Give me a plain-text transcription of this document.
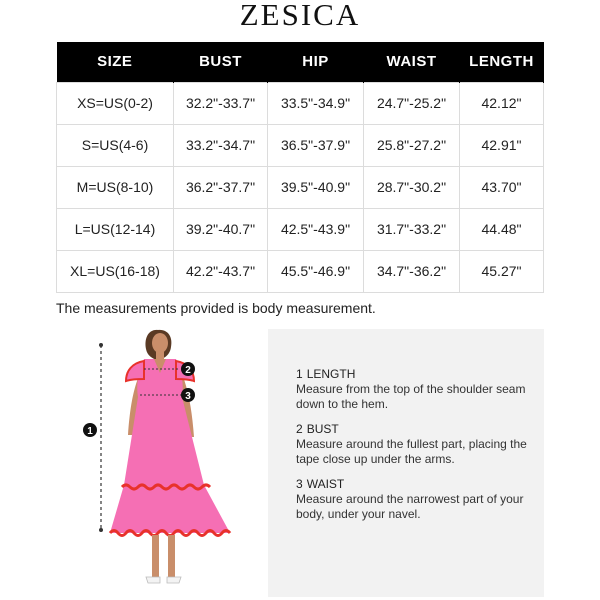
ZESICA
SIZE	BUST	HIP	WAIST	LENGTH
XS=US(0-2)	32.2"-33.7"	33.5"-34.9"	24.7"-25.2"	42.12"
S=US(4-6)	33.2"-34.7"	36.5"-37.9"	25.8"-27.2"	42.91"
M=US(8-10)	36.2"-37.7"	39.5"-40.9"	28.7"-30.2"	43.70"
L=US(12-14)	39.2"-40.7"	42.5"-43.9"	31.7"-33.2"	44.48"
XL=US(16-18)	42.2"-43.7"	45.5"-46.9"	34.7"-36.2"	45.27"
The measurements provided is body measurement.
1
2
3
1 LENGTH
Measure from the top of the shoulder seam down to the hem.
2 BUST
Measure around the fullest part, placing the tape close up under the arms.
3 WAIST
Measure around the narrowest part of your body, under your navel.
